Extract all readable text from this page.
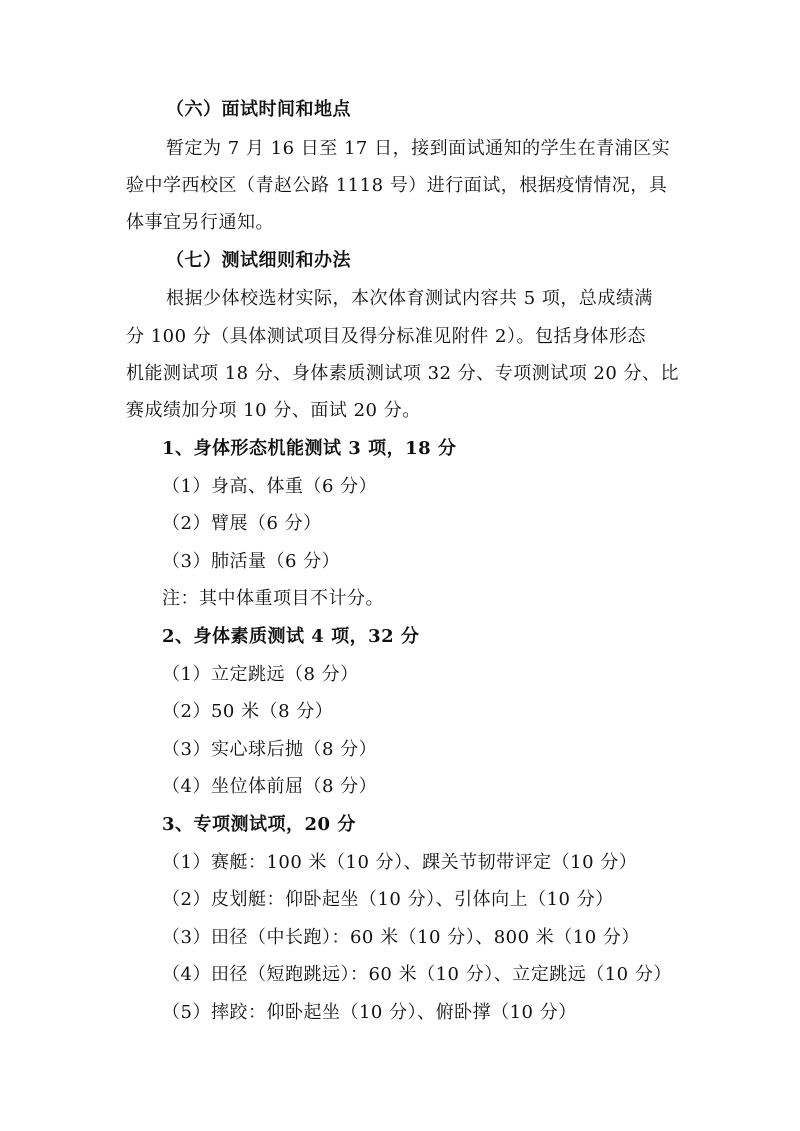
（六）面试时间和地点
暂定为 7 月 16 日至 17 日，接到面试通知的学生在青浦区实
验中学西校区（青赵公路 1118 号）进行面试，根据疫情情况，具
体事宜另行通知。
（七）测试细则和办法
根据少体校选材实际，本次体育测试内容共 5 项，总成绩满
分 100 分（具体测试项目及得分标准见附件 2）。包括身体形态
机能测试项 18 分、身体素质测试项 32 分、专项测试项 20 分、比
赛成绩加分项 10 分、面试 20 分。
1、身体形态机能测试 3 项，18 分
（1）身高、体重（6 分）
（2）臂展（6 分）
（3）肺活量（6 分）
注：其中体重项目不计分。
2、身体素质测试 4 项，32 分
（1）立定跳远（8 分）
（2）50 米（8 分）
（3）实心球后抛（8 分）
（4）坐位体前屈（8 分）
3、专项测试项，20 分
（1）赛艇：100 米（10 分）、踝关节韧带评定（10 分）
（2）皮划艇：仰卧起坐（10 分）、引体向上（10 分）
（3）田径（中长跑）：60 米（10 分）、800 米（10 分）
（4）田径（短跑跳远）：60 米（10 分）、立定跳远（10 分）
（5）摔跤：仰卧起坐（10 分）、俯卧撑（10 分）
